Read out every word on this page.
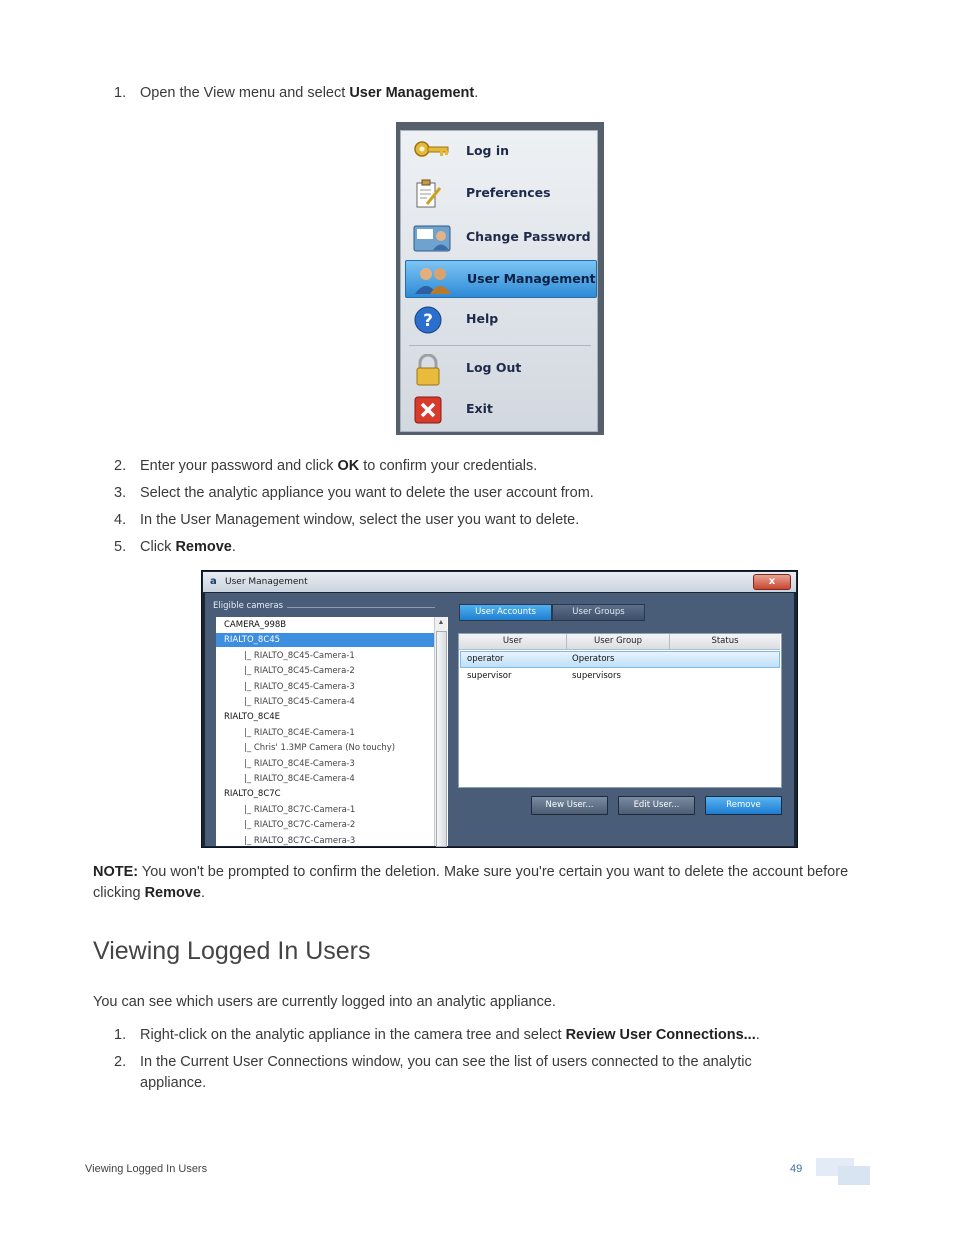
1. Open the View menu and select User Management.
Log in
Preferences
Change Password
User Management
?	Help
Log Out
Exit
2. Enter your password and click OK to confirm your credentials.
3. Select the analytic appliance you want to delete the user account from.
4. In the User Management window, select the user you want to delete.
5. Click Remove.
a User Management	x
Eligible cameras
CAMERA_998B
RIALTO_8C45
|_ RIALTO_8C45-Camera-1
|_ RIALTO_8C45-Camera-2
|_ RIALTO_8C45-Camera-3
|_ RIALTO_8C45-Camera-4
RIALTO_8C4E
|_ RIALTO_8C4E-Camera-1
|_ Chris' 1.3MP Camera (No touchy)
|_ RIALTO_8C4E-Camera-3
|_ RIALTO_8C4E-Camera-4
RIALTO_8C7C
|_ RIALTO_8C7C-Camera-1
|_ RIALTO_8C7C-Camera-2
|_ RIALTO_8C7C-Camera-3
▲
User Accounts	User Groups
User	User Group	Status
operator	Operators
supervisor	supervisors
New User...	Edit User...	Remove
NOTE: You won't be prompted to confirm the deletion. Make sure you're certain you want to delete the account before clicking Remove.
Viewing Logged In Users
You can see which users are currently logged into an analytic appliance.
1. Right-click on the analytic appliance in the camera tree and select Review User Connections....
2. In the Current User Connections window, you can see the list of users connected to the analytic appliance.
Viewing Logged In Users	49
